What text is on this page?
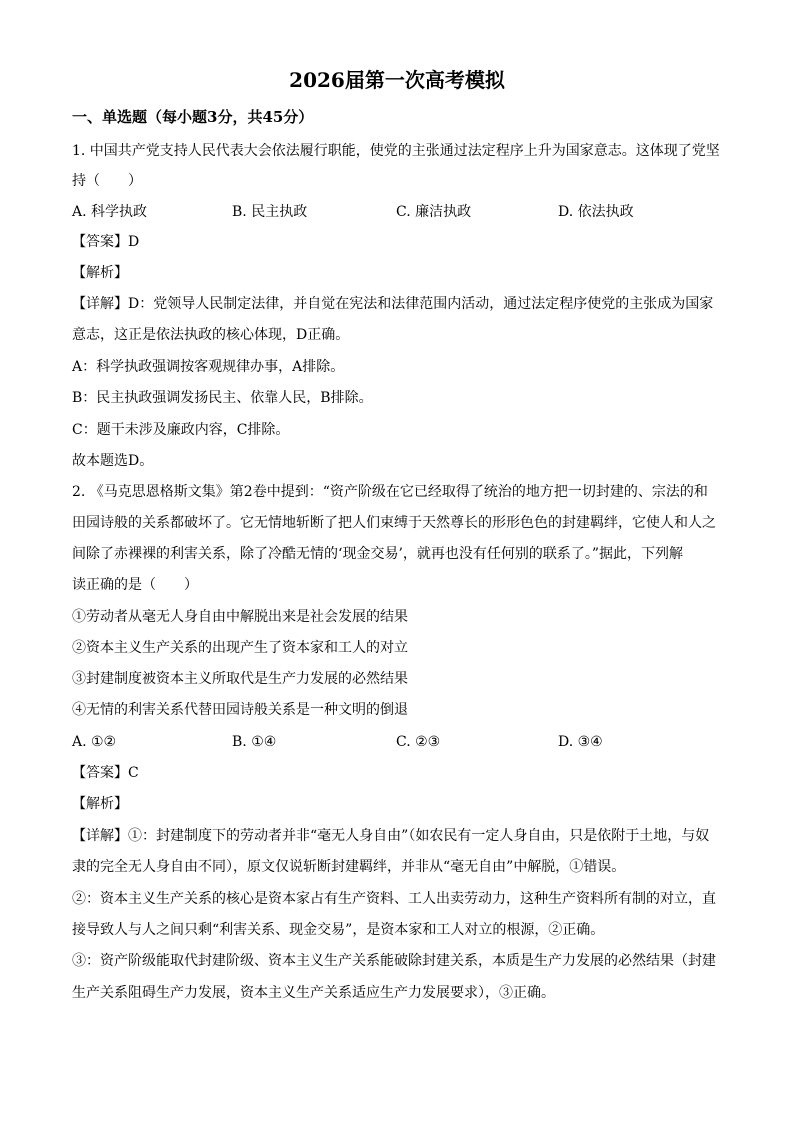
2026届第一次高考模拟
一、单选题（每小题3分，共45分）
1. 中国共产党支持人民代表大会依法履行职能，使党的主张通过法定程序上升为国家意志。这体现了党坚
持（　　）
A. 科学执政	B. 民主执政	C. 廉洁执政	D. 依法执政
【答案】D
【解析】
【详解】D：党领导人民制定法律，并自觉在宪法和法律范围内活动，通过法定程序使党的主张成为国家
意志，这正是依法执政的核心体现，D正确。
A：科学执政强调按客观规律办事，A排除。
B：民主执政强调发扬民主、依靠人民，B排除。
C：题干未涉及廉政内容，C排除。
故本题选D。
2. 《马克思恩格斯文集》第2卷中提到：“资产阶级在它已经取得了统治的地方把一切封建的、宗法的和
田园诗般的关系都破坏了。它无情地斩断了把人们束缚于天然尊长的形形色色的封建羁绊，它使人和人之
间除了赤裸裸的利害关系，除了冷酷无情的‘现金交易’，就再也没有任何别的联系了。”据此，下列解
读正确的是（　　）
①劳动者从毫无人身自由中解脱出来是社会发展的结果
②资本主义生产关系的出现产生了资本家和工人的对立
③封建制度被资本主义所取代是生产力发展的必然结果
④无情的利害关系代替田园诗般关系是一种文明的倒退
A. ①②	B. ①④	C. ②③	D. ③④
【答案】C
【解析】
【详解】①：封建制度下的劳动者并非“毫无人身自由”（如农民有一定人身自由，只是依附于土地，与奴
隶的完全无人身自由不同），原文仅说斩断封建羁绊，并非从“毫无自由”中解脱，①错误。
②：资本主义生产关系的核心是资本家占有生产资料、工人出卖劳动力，这种生产资料所有制的对立，直
接导致人与人之间只剩“利害关系、现金交易”，是资本家和工人对立的根源，②正确。
③：资产阶级能取代封建阶级、资本主义生产关系能破除封建关系，本质是生产力发展的必然结果（封建
生产关系阻碍生产力发展，资本主义生产关系适应生产力发展要求），③正确。
